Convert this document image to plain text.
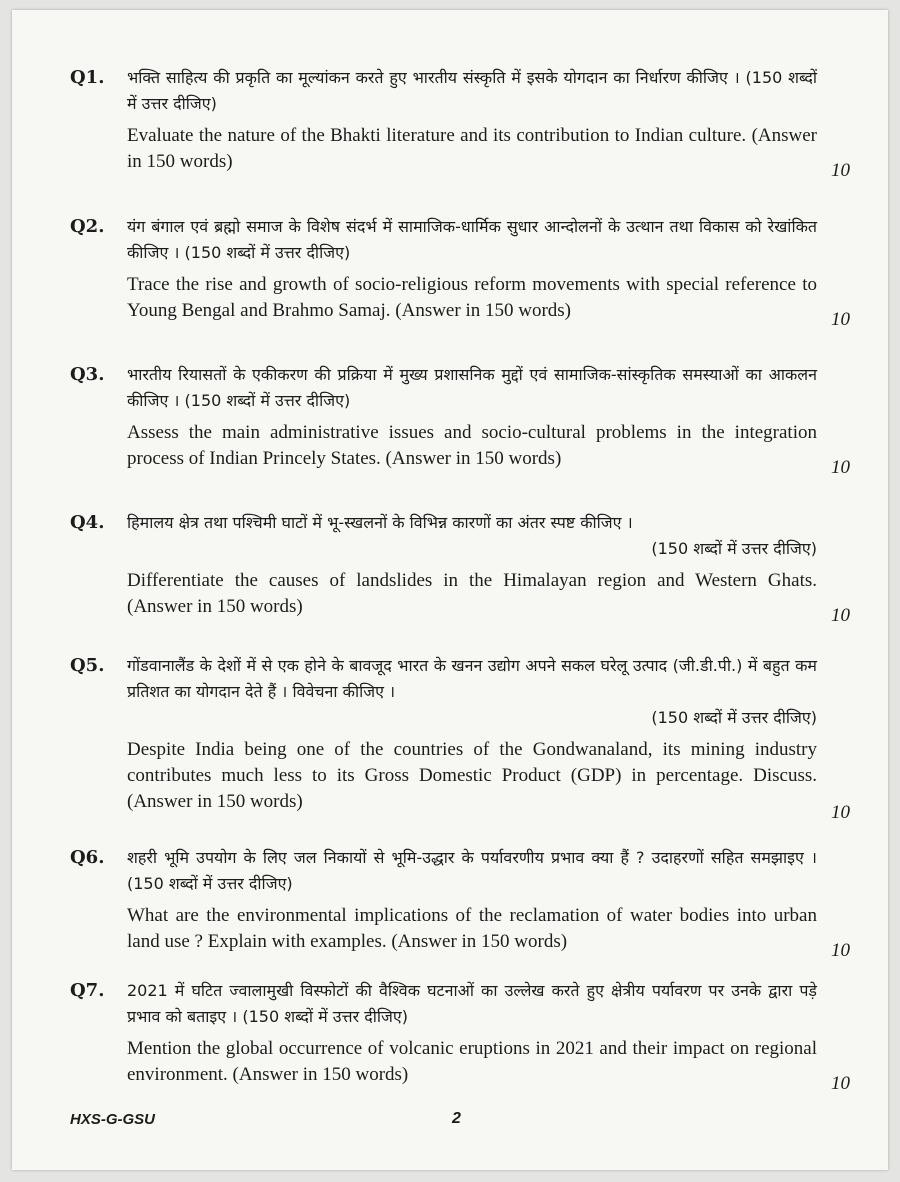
Q1. भक्ति साहित्य की प्रकृति का मूल्यांकन करते हुए भारतीय संस्कृति में इसके योगदान का निर्धारण कीजिए । (150 शब्दों में उत्तर दीजिए)

Evaluate the nature of the Bhakti literature and its contribution to Indian culture. (Answer in 150 words)	10
Q2. यंग बंगाल एवं ब्रह्मो समाज के विशेष संदर्भ में सामाजिक-धार्मिक सुधार आन्दोलनों के उत्थान तथा विकास को रेखांकित कीजिए । (150 शब्दों में उत्तर दीजिए)

Trace the rise and growth of socio-religious reform movements with special reference to Young Bengal and Brahmo Samaj. (Answer in 150 words)	10
Q3. भारतीय रियासतों के एकीकरण की प्रक्रिया में मुख्य प्रशासनिक मुद्दों एवं सामाजिक-सांस्कृतिक समस्याओं का आकलन कीजिए । (150 शब्दों में उत्तर दीजिए)

Assess the main administrative issues and socio-cultural problems in the integration process of Indian Princely States. (Answer in 150 words)	10
Q4. हिमालय क्षेत्र तथा पश्चिमी घाटों में भू-स्खलनों के विभिन्न कारणों का अंतर स्पष्ट कीजिए ।

(150 शब्दों में उत्तर दीजिए)

Differentiate the causes of landslides in the Himalayan region and Western Ghats. (Answer in 150 words)	10
Q5. गोंडवानालैंड के देशों में से एक होने के बावजूद भारत के खनन उद्योग अपने सकल घरेलू उत्पाद (जी.डी.पी.) में बहुत कम प्रतिशत का योगदान देते हैं । विवेचना कीजिए ।

(150 शब्दों में उत्तर दीजिए)

Despite India being one of the countries of the Gondwanaland, its mining industry contributes much less to its Gross Domestic Product (GDP) in percentage. Discuss. (Answer in 150 words)

10
Q6. शहरी भूमि उपयोग के लिए जल निकायों से भूमि-उद्धार के पर्यावरणीय प्रभाव क्या हैं ? उदाहरणों सहित समझाइए । (150 शब्दों में उत्तर दीजिए)

What are the environmental implications of the reclamation of water bodies into urban land use ? Explain with examples. (Answer in 150 words)	10
Q7. 2021 में घटित ज्वालामुखी विस्फोटों की वैश्विक घटनाओं का उल्लेख करते हुए क्षेत्रीय पर्यावरण पर उनके द्वारा पड़े प्रभाव को बताइए । (150 शब्दों में उत्तर दीजिए)

Mention the global occurrence of volcanic eruptions in 2021 and their impact on regional environment. (Answer in 150 words)	10
HXS-G-GSU	2
